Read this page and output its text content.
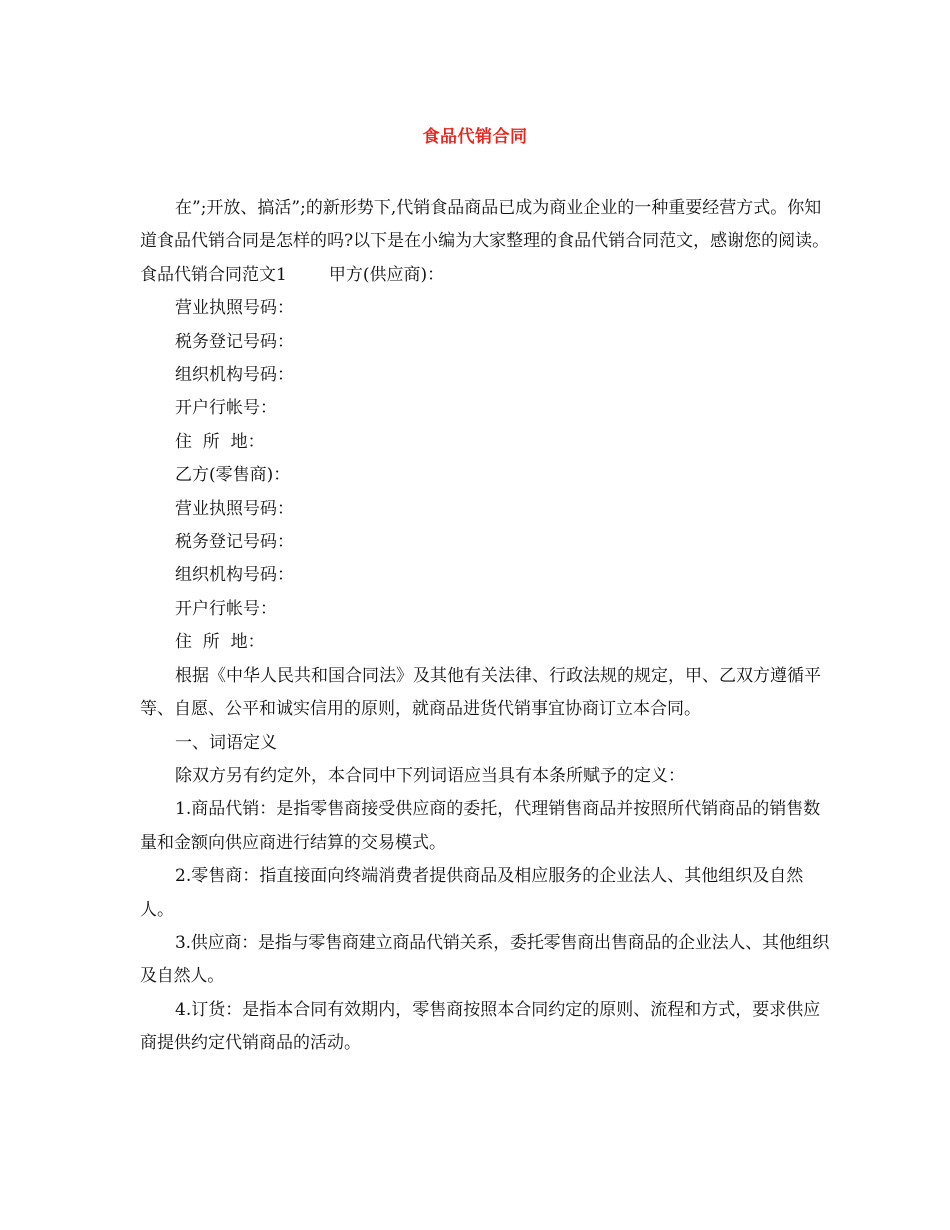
食品代销合同

在”;开放、搞活”;的新形势下,代销食品商品已成为商业企业的一种重要经营方式。你知道食品代销合同是怎样的吗?以下是在小编为大家整理的食品代销合同范文，感谢您的阅读。

食品代销合同范文1 甲方(供应商)：

营业执照号码：

税务登记号码：

组织机构号码：

开户行帐号：

住  所  地：

乙方(零售商)：

营业执照号码：

税务登记号码：

组织机构号码：

开户行帐号：

住  所  地：

根据《中华人民共和国合同法》及其他有关法律、行政法规的规定，甲、乙双方遵循平等、自愿、公平和诚实信用的原则，就商品进货代销事宜协商订立本合同。

一、词语定义

除双方另有约定外，本合同中下列词语应当具有本条所赋予的定义：

1.商品代销：是指零售商接受供应商的委托，代理销售商品并按照所代销商品的销售数量和金额向供应商进行结算的交易模式。

2.零售商：指直接面向终端消费者提供商品及相应服务的企业法人、其他组织及自然人。

3.供应商：是指与零售商建立商品代销关系，委托零售商出售商品的企业法人、其他组织及自然人。

4.订货：是指本合同有效期内，零售商按照本合同约定的原则、流程和方式，要求供应商提供约定代销商品的活动。
